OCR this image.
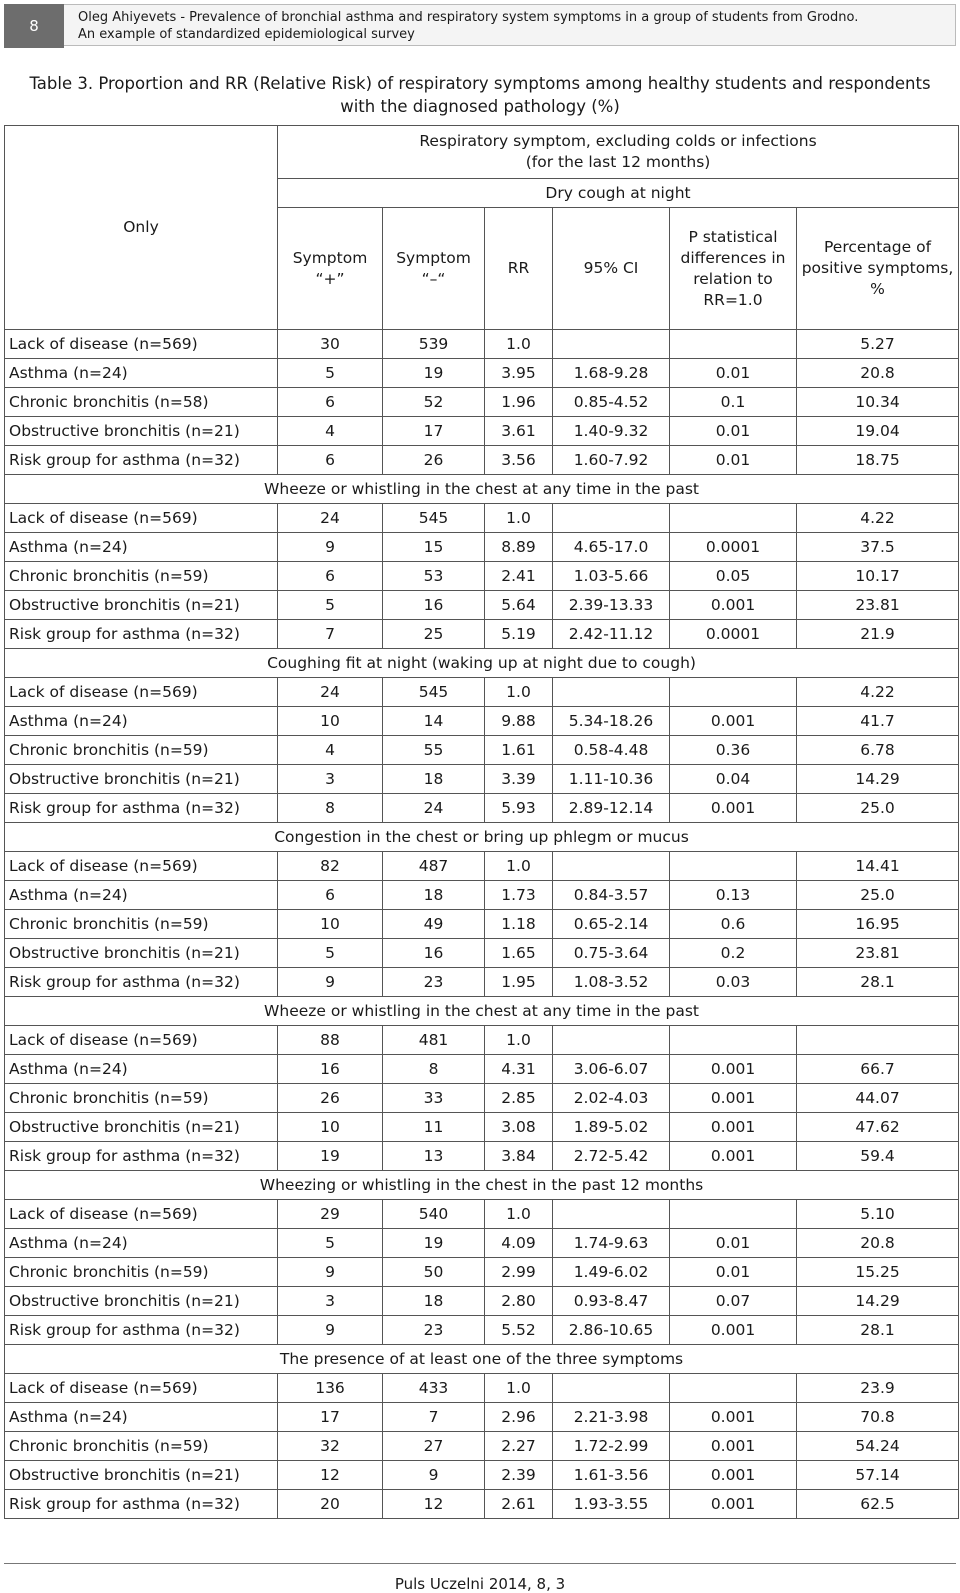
8	Oleg Ahiyevets - Prevalence of bronchial asthma and respiratory system symptoms in a group of students from Grodno.
An example of standardized epidemiological survey
Table 3. Proportion and RR (Relative Risk) of respiratory symptoms among healthy students and respondents
with the diagnosed pathology (%)
Only	Respiratory symptom, excluding colds or infections
(for the last 12 months)					

	Dry cough at night					
	Symptom “+”	Symptom “–“	RR	95% CI	P statistical differences in relation to RR=1.0	Percentage of positive symptoms, %
Lack of disease (n=569)	30	539	1.0			5.27
Asthma (n=24)	5	19	3.95	1.68-9.28	0.01	20.8
Chronic bronchitis (n=58)	6	52	1.96	0.85-4.52	0.1	10.34
Obstructive bronchitis (n=21)	4	17	3.61	1.40-9.32	0.01	19.04
Risk group for asthma (n=32)	6	26	3.56	1.60-7.92	0.01	18.75
Wheeze or whistling in the chest at any time in the past						
Lack of disease (n=569)	24	545	1.0			4.22
Asthma (n=24)	9	15	8.89	4.65-17.0	0.0001	37.5
Chronic bronchitis (n=59)	6	53	2.41	1.03-5.66	0.05	10.17
Obstructive bronchitis (n=21)	5	16	5.64	2.39-13.33	0.001	23.81
Risk group for asthma (n=32)	7	25	5.19	2.42-11.12	0.0001	21.9
Coughing fit at night (waking up at night due to cough)						
Lack of disease (n=569)	24	545	1.0			4.22
Asthma (n=24)	10	14	9.88	5.34-18.26	0.001	41.7
Chronic bronchitis (n=59)	4	55	1.61	0.58-4.48	0.36	6.78
Obstructive bronchitis (n=21)	3	18	3.39	1.11-10.36	0.04	14.29
Risk group for asthma (n=32)	8	24	5.93	2.89-12.14	0.001	25.0
Congestion in the chest or bring up phlegm or mucus						
Lack of disease (n=569)	82	487	1.0			14.41
Asthma (n=24)	6	18	1.73	0.84-3.57	0.13	25.0
Chronic bronchitis (n=59)	10	49	1.18	0.65-2.14	0.6	16.95
Obstructive bronchitis (n=21)	5	16	1.65	0.75-3.64	0.2	23.81
Risk group for asthma (n=32)	9	23	1.95	1.08-3.52	0.03	28.1
Wheeze or whistling in the chest at any time in the past						
Lack of disease (n=569)	88	481	1.0			
Asthma (n=24)	16	8	4.31	3.06-6.07	0.001	66.7
Chronic bronchitis (n=59)	26	33	2.85	2.02-4.03	0.001	44.07
Obstructive bronchitis (n=21)	10	11	3.08	1.89-5.02	0.001	47.62
Risk group for asthma (n=32)	19	13	3.84	2.72-5.42	0.001	59.4
Wheezing or whistling in the chest in the past 12 months						
Lack of disease (n=569)	29	540	1.0			5.10
Asthma (n=24)	5	19	4.09	1.74-9.63	0.01	20.8
Chronic bronchitis (n=59)	9	50	2.99	1.49-6.02	0.01	15.25
Obstructive bronchitis (n=21)	3	18	2.80	0.93-8.47	0.07	14.29
Risk group for asthma (n=32)	9	23	5.52	2.86-10.65	0.001	28.1
The presence of at least one of the three symptoms						
Lack of disease (n=569)	136	433	1.0			23.9
Asthma (n=24)	17	7	2.96	2.21-3.98	0.001	70.8
Chronic bronchitis (n=59)	32	27	2.27	1.72-2.99	0.001	54.24
Obstructive bronchitis (n=21)	12	9	2.39	1.61-3.56	0.001	57.14
Risk group for asthma (n=32)	20	12	2.61	1.93-3.55	0.001	62.5
Puls Uczelni 2014, 8, 3
